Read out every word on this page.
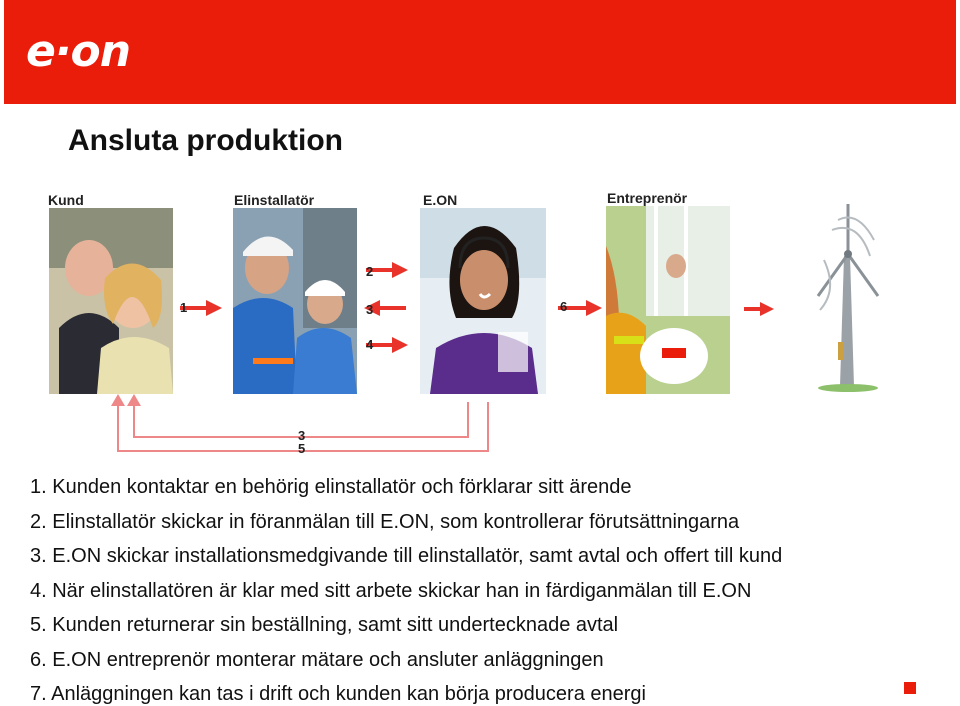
e·on
Ansluta produktion
Kund	Elinstallatör	E.ON	Entreprenör
1
2
3
4
6
3
5
1. Kunden kontaktar en behörig elinstallatör och förklarar sitt ärende
2. Elinstallatör skickar in föranmälan till E.ON, som kontrollerar förutsättningarna
3. E.ON skickar installationsmedgivande till elinstallatör, samt avtal och offert till kund
4. När elinstallatören är klar med sitt arbete skickar han in färdiganmälan till E.ON
5. Kunden returnerar sin beställning, samt sitt undertecknade avtal
6. E.ON entreprenör monterar mätare och ansluter anläggningen
7. Anläggningen kan tas i drift och kunden kan börja producera energi
